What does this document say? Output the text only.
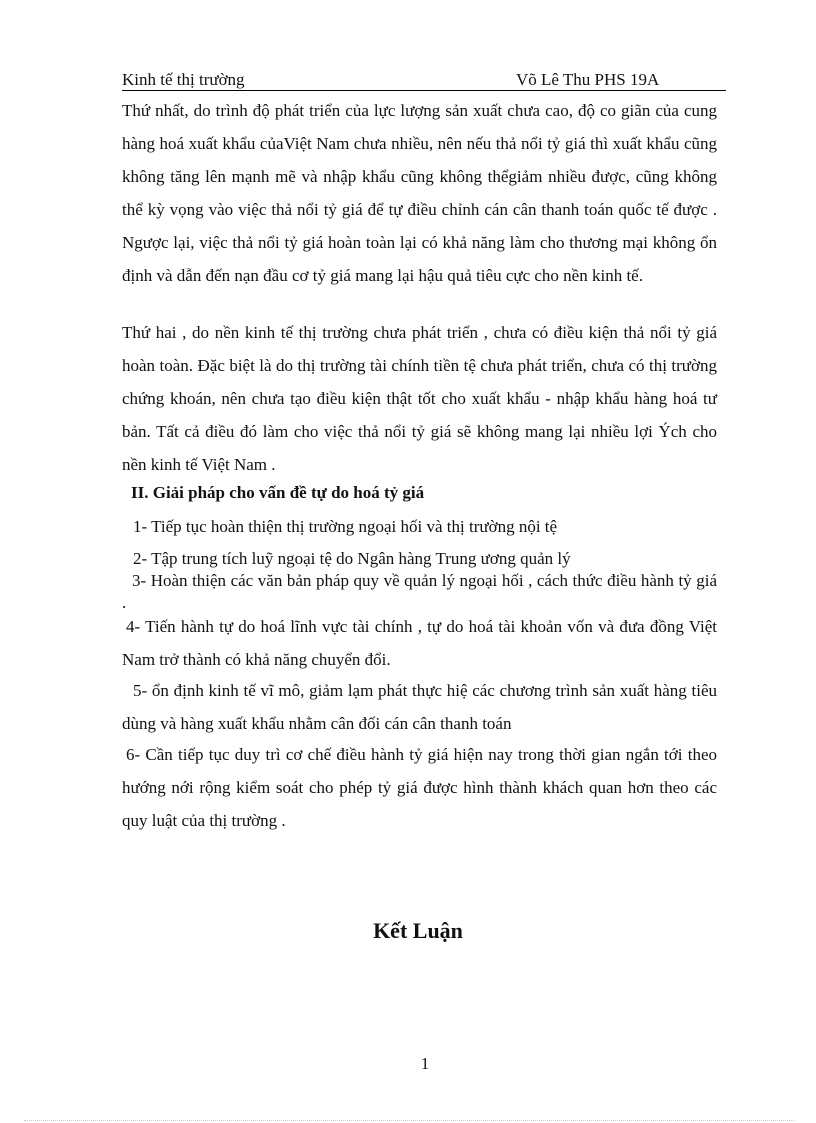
Kinh tế thị trường	Võ Lê Thu PHS 19A

Thứ nhất, do trình độ phát triển của lực lượng sản xuất chưa cao, độ co giãn của cung hàng hoá xuất khẩu củaViệt Nam chưa nhiều, nên nếu thả nổi tỷ giá thì xuất khẩu cũng không tăng lên mạnh mẽ và nhập khẩu cũng không thểgiảm nhiều được, cũng không thể kỳ vọng vào việc thả nổi tỷ giá để tự điều chỉnh cán cân thanh toán quốc tế được . Ngược lại, việc thả nổi tỷ giá hoàn toàn lại có khả năng làm cho thương mại không ổn định và dẫn đến nạn đầu cơ tỷ giá mang lại hậu quả tiêu cực cho nền kinh tế.

Thứ hai , do nền kinh tế thị trường chưa phát triển , chưa có điều kiện thả nổi tỷ giá hoàn toàn. Đặc biệt là do thị trường tài chính tiền tệ chưa phát triển, chưa có thị trường chứng khoán, nên chưa tạo điều kiện thật tốt cho xuất khẩu - nhập khẩu hàng hoá tư bản. Tất cả điều đó làm cho việc thả nổi tỷ giá sẽ không mang lại nhiều lợi Ých cho nền kinh tế Việt Nam .

II. Giải pháp cho vấn đề tự do hoá tỷ giá
1- Tiếp tục hoàn thiện thị trường ngoại hối và thị trường nội tệ
2- Tập trung tích luỹ ngoại tệ do Ngân hàng Trung ương quản lý
3- Hoàn thiện các văn bản pháp quy về quản lý ngoại hối , cách thức điều hành tỷ giá .
4- Tiến hành tự do hoá lĩnh vực tài chính , tự do hoá tài khoản vốn và đưa đồng Việt Nam trở thành có khả năng chuyển đổi.
5- ổn định kinh tế vĩ mô, giảm lạm phát thực hiệ các chương trình sản xuất hàng tiêu dùng và hàng xuất khẩu nhằm cân đối cán cân thanh toán
6- Cần tiếp tục duy trì cơ chế điều hành tỷ giá hiện nay trong thời gian ngắn tới theo hướng nới rộng kiểm soát cho phép tỷ giá được hình thành khách quan hơn theo các quy luật của thị trường .
Kết Luận
1
